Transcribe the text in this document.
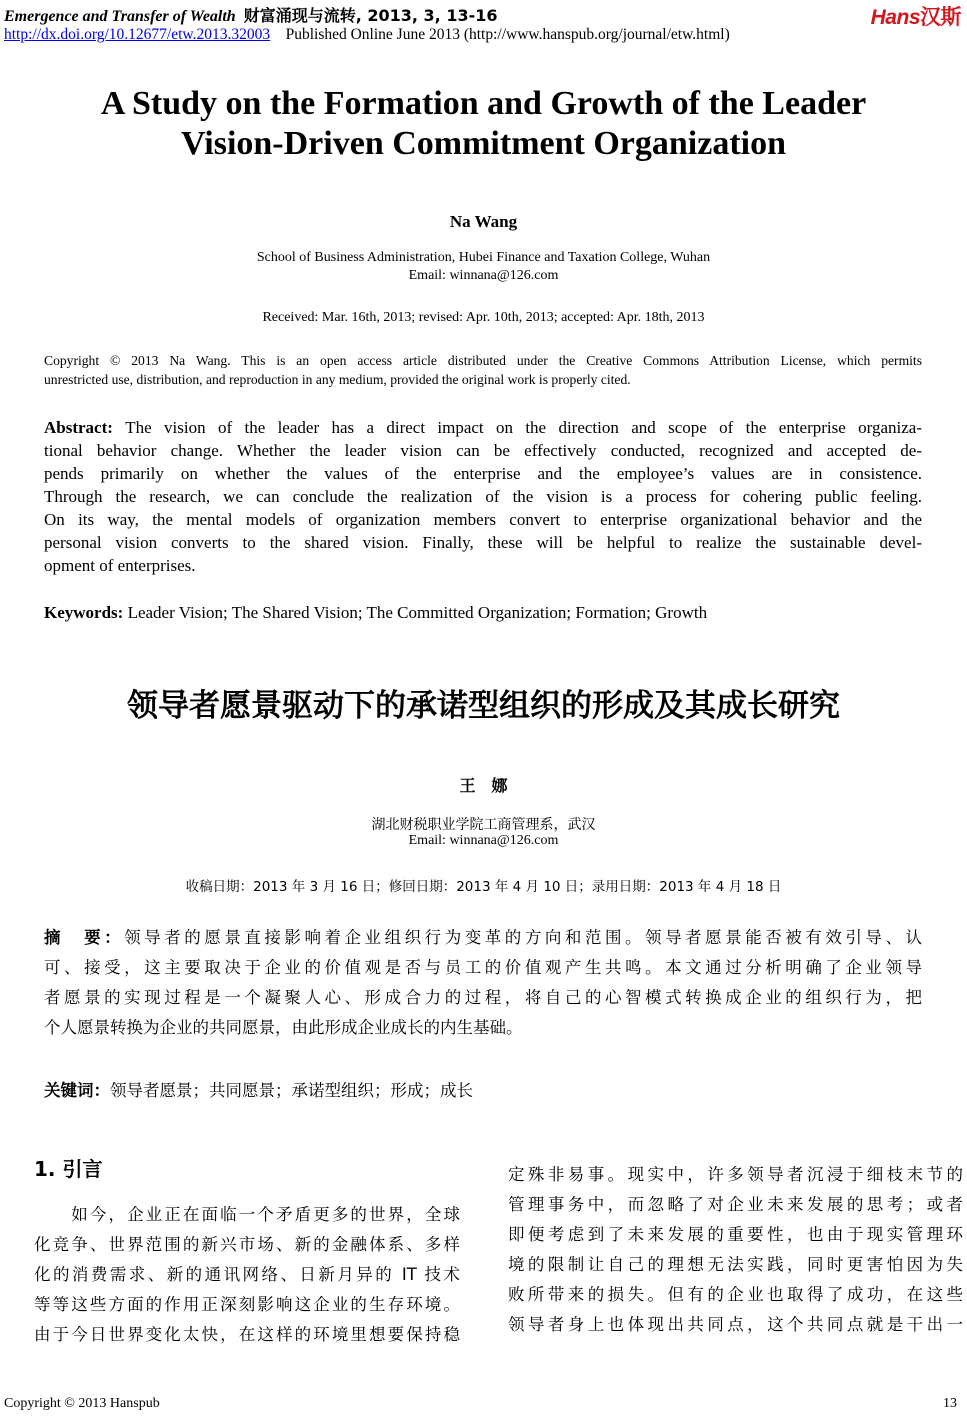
Emergence and Transfer of Wealth 财富涌现与流转, 2013, 3, 13-16
http://dx.doi.org/10.12677/etw.2013.32003 Published Online June 2013 (http://www.hanspub.org/journal/etw.html)
Hans汉斯
A Study on the Formation and Growth of the Leader
Vision-Driven Commitment Organization
Na Wang
School of Business Administration, Hubei Finance and Taxation College, Wuhan
Email: winnana@126.com
Received: Mar. 16th, 2013; revised: Apr. 10th, 2013; accepted: Apr. 18th, 2013
Copyright © 2013 Na Wang. This is an open access article distributed under the Creative Commons Attribution License, which permits
unrestricted use, distribution, and reproduction in any medium, provided the original work is properly cited.
Abstract: The vision of the leader has a direct impact on the direction and scope of the enterprise organiza-
tional behavior change. Whether the leader vision can be effectively conducted, recognized and accepted de-
pends primarily on whether the values of the enterprise and the employee’s values are in consistence.
Through the research, we can conclude the realization of the vision is a process for cohering public feeling.
On its way, the mental models of organization members convert to enterprise organizational behavior and the
personal vision converts to the shared vision. Finally, these will be helpful to realize the sustainable devel-
opment of enterprises.
Keywords: Leader Vision; The Shared Vision; The Committed Organization; Formation; Growth
领导者愿景驱动下的承诺型组织的形成及其成长研究
王　娜
湖北财税职业学院工商管理系，武汉
Email: winnana@126.com
收稿日期：2013 年 3 月 16 日；修回日期：2013 年 4 月 10 日；录用日期：2013 年 4 月 18 日
摘　要：领导者的愿景直接影响着企业组织行为变革的方向和范围。领导者愿景能否被有效引导、认
可、接受，这主要取决于企业的价值观是否与员工的价值观产生共鸣。本文通过分析明确了企业领导
者愿景的实现过程是一个凝聚人心、形成合力的过程，将自己的心智模式转换成企业的组织行为，把
个人愿景转换为企业的共同愿景，由此形成企业成长的内生基础。
关键词：领导者愿景；共同愿景；承诺型组织；形成；成长
1. 引言
　　如今，企业正在面临一个矛盾更多的世界，全球
化竞争、世界范围的新兴市场、新的金融体系、多样
化的消费需求、新的通讯网络、日新月异的 IT 技术
等等这些方面的作用正深刻影响这企业的生存环境。
由于今日世界变化太快，在这样的环境里想要保持稳
定殊非易事。现实中，许多领导者沉浸于细枝末节的
管理事务中，而忽略了对企业未来发展的思考；或者
即便考虑到了未来发展的重要性，也由于现实管理环
境的限制让自己的理想无法实践，同时更害怕因为失
败所带来的损失。但有的企业也取得了成功，在这些
领导者身上也体现出共同点，这个共同点就是干出一
Copyright © 2013 Hanspub	13
